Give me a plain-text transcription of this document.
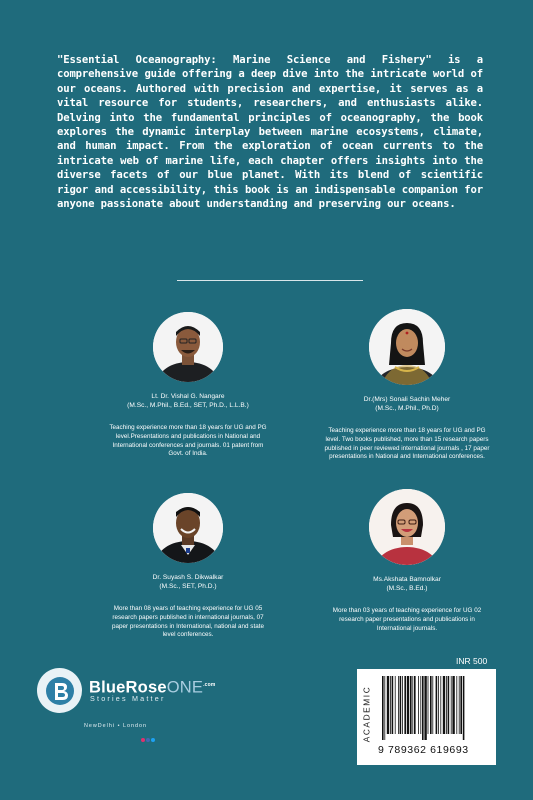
"Essential Oceanography: Marine Science and Fishery" is a comprehensive guide offering a deep dive into the intricate world of our oceans. Authored with precision and expertise, it serves as a vital resource for students, researchers, and enthusiasts alike. Delving into the fundamental principles of oceanography, the book explores the dynamic interplay between marine ecosystems, climate, and human impact. From the exploration of ocean currents to the intricate web of marine life, each chapter offers insights into the diverse facets of our blue planet. With its blend of scientific rigor and accessibility, this book is an indispensable companion for anyone passionate about understanding and preserving our oceans.
Lt. Dr. Vishal G. Nangare
(M.Sc., M.Phil., B.Ed., SET, Ph.D., L.L.B.)
Teaching experience more than 18 years for UG and PG level.Presentations and publications in National and International conferences and journals. 01 patent from Govt. of India.
Dr.(Mrs) Sonali Sachin Meher
(M.Sc., M.Phil., Ph.D)
Teaching experience more than 18 years for UG and PG level. Two books published, more than 15 research papers published in peer reviewed international journals , 17 paper presentations in National and International conferences.
Dr. Suyash S. Dikwalkar
(M.Sc., SET, Ph.D.)
More than 08 years of teaching experience for UG 05 research papers published in international journals, 07 paper presentations in International, national and state level conferences.
Ms.Akshata Bamnolkar
(M.Sc., B.Ed.)
More than 03 years of teaching experience for UG 02 research paper presentations and publications in International journals.
BlueRoseONE$^{.com}$
Stories Matter
NewDelhi • London
INR 500
ACADEMIC
9 789362 619693
www.BlueRoseOne.com
